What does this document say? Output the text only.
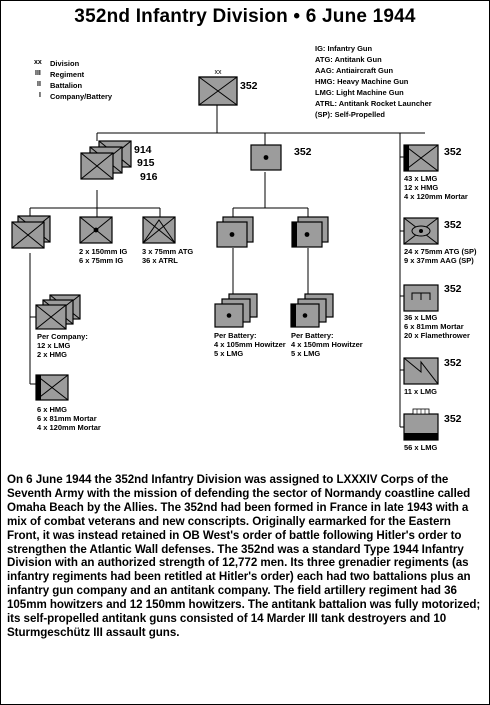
352nd Infantry Division • 6 June 1944
xx Division
III Regiment
II Battalion
I Company/Battery
IG: Infantry Gun
ATG: Antitank Gun
AAG: Antiaircraft Gun
HMG: Heavy Machine Gun
LMG: Light Machine Gun
ATRL: Antitank Rocket Launcher
(SP): Self-Propelled
xx
352
914
915
916
352	352
352
352
352
352
2 x 150mm IG
6 x 75mm IG
3 x 75mm ATG
36 x ATRL
Per Company:
12 x LMG
2 x HMG
6 x HMG
6 x 81mm Mortar
4 x 120mm Mortar
Per Battery:
4 x 105mm Howitzer
5 x LMG
Per Battery:
4 x 150mm Howitzer
5 x LMG
43 x LMG
12 x HMG
4 x 120mm Mortar
24 x 75mm ATG (SP)
9 x 37mm AAG (SP)
36 x LMG
6 x 81mm Mortar
20 x Flamethrower
11 x LMG
56 x LMG
On 6 June 1944 the 352nd Infantry Division was assigned to LXXXIV Corps of the Seventh Army with the mission of defending the sector of Normandy coastline called Omaha Beach by the Allies. The 352nd had been formed in France in late 1943 with a mix of combat veterans and new conscripts. Originally earmarked for the Eastern Front, it was instead retained in OB West's order of battle following Hitler's order to strengthen the Atlantic Wall defenses. The 352nd was a standard Type 1944 Infantry Division with an authorized strength of 12,772 men. Its three grenadier regiments (as infantry regiments had been retitled at Hitler's order) each had two battalions plus an infantry gun company and an antitank company. The field artillery regiment had 36 105mm howitzers and 12 150mm howitzers. The antitank battalion was fully motorized; its self-propelled antitank guns consisted of 14 Marder III tank destroyers and 10 Sturmgeschütz III assault guns.
